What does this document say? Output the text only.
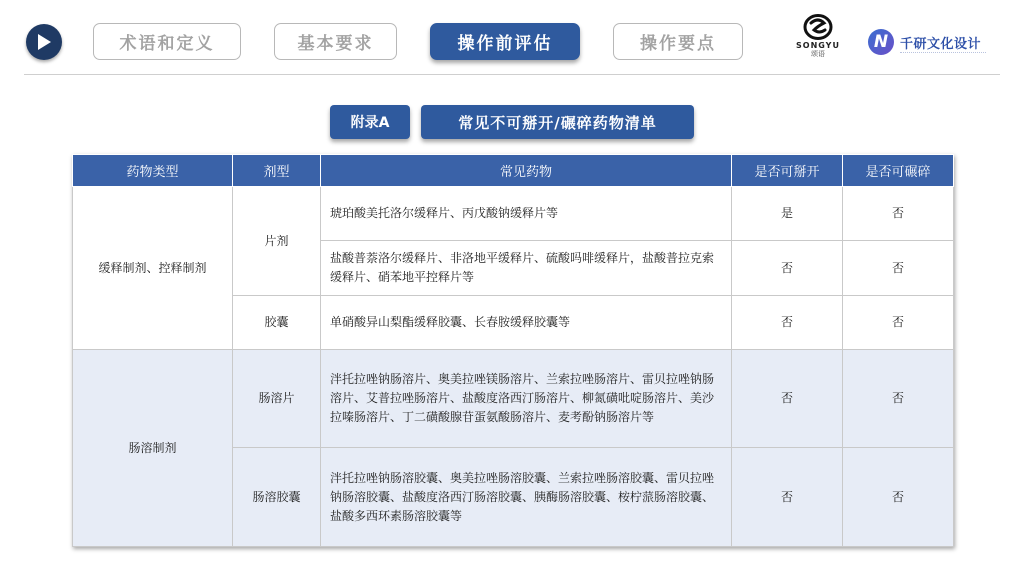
术语和定义	基本要求	操作前评估	操作要点	SONGYU
颂语
N 千研文化设计
附录A	常见不可掰开/碾碎药物清单
药物类型	剂型	常见药物	是否可掰开	是否可碾碎
缓释制剂、控释制剂	片剂	琥珀酸美托洛尔缓释片、丙戊酸钠缓释片等	是	否
		盐酸普萘洛尔缓释片、非洛地平缓释片、硫酸吗啡缓释片，盐酸普拉克索缓释片、硝苯地平控释片等	否	否
	胶囊	单硝酸异山梨酯缓释胶囊、长春胺缓释胶囊等	否	否
肠溶制剂	肠溶片	泮托拉唑钠肠溶片、奥美拉唑镁肠溶片、兰索拉唑肠溶片、雷贝拉唑钠肠溶片、艾普拉唑肠溶片、盐酸度洛西汀肠溶片、柳氮磺吡啶肠溶片、美沙拉嗪肠溶片、丁二磺酸腺苷蛋氨酸肠溶片、麦考酚钠肠溶片等	否	否
	肠溶胶囊	泮托拉唑钠肠溶胶囊、奥美拉唑肠溶胶囊、兰索拉唑肠溶胶囊、雷贝拉唑钠肠溶胶囊、盐酸度洛西汀肠溶胶囊、胰酶肠溶胶囊、桉柠蒎肠溶胶囊、盐酸多西环素肠溶胶囊等	否	否
